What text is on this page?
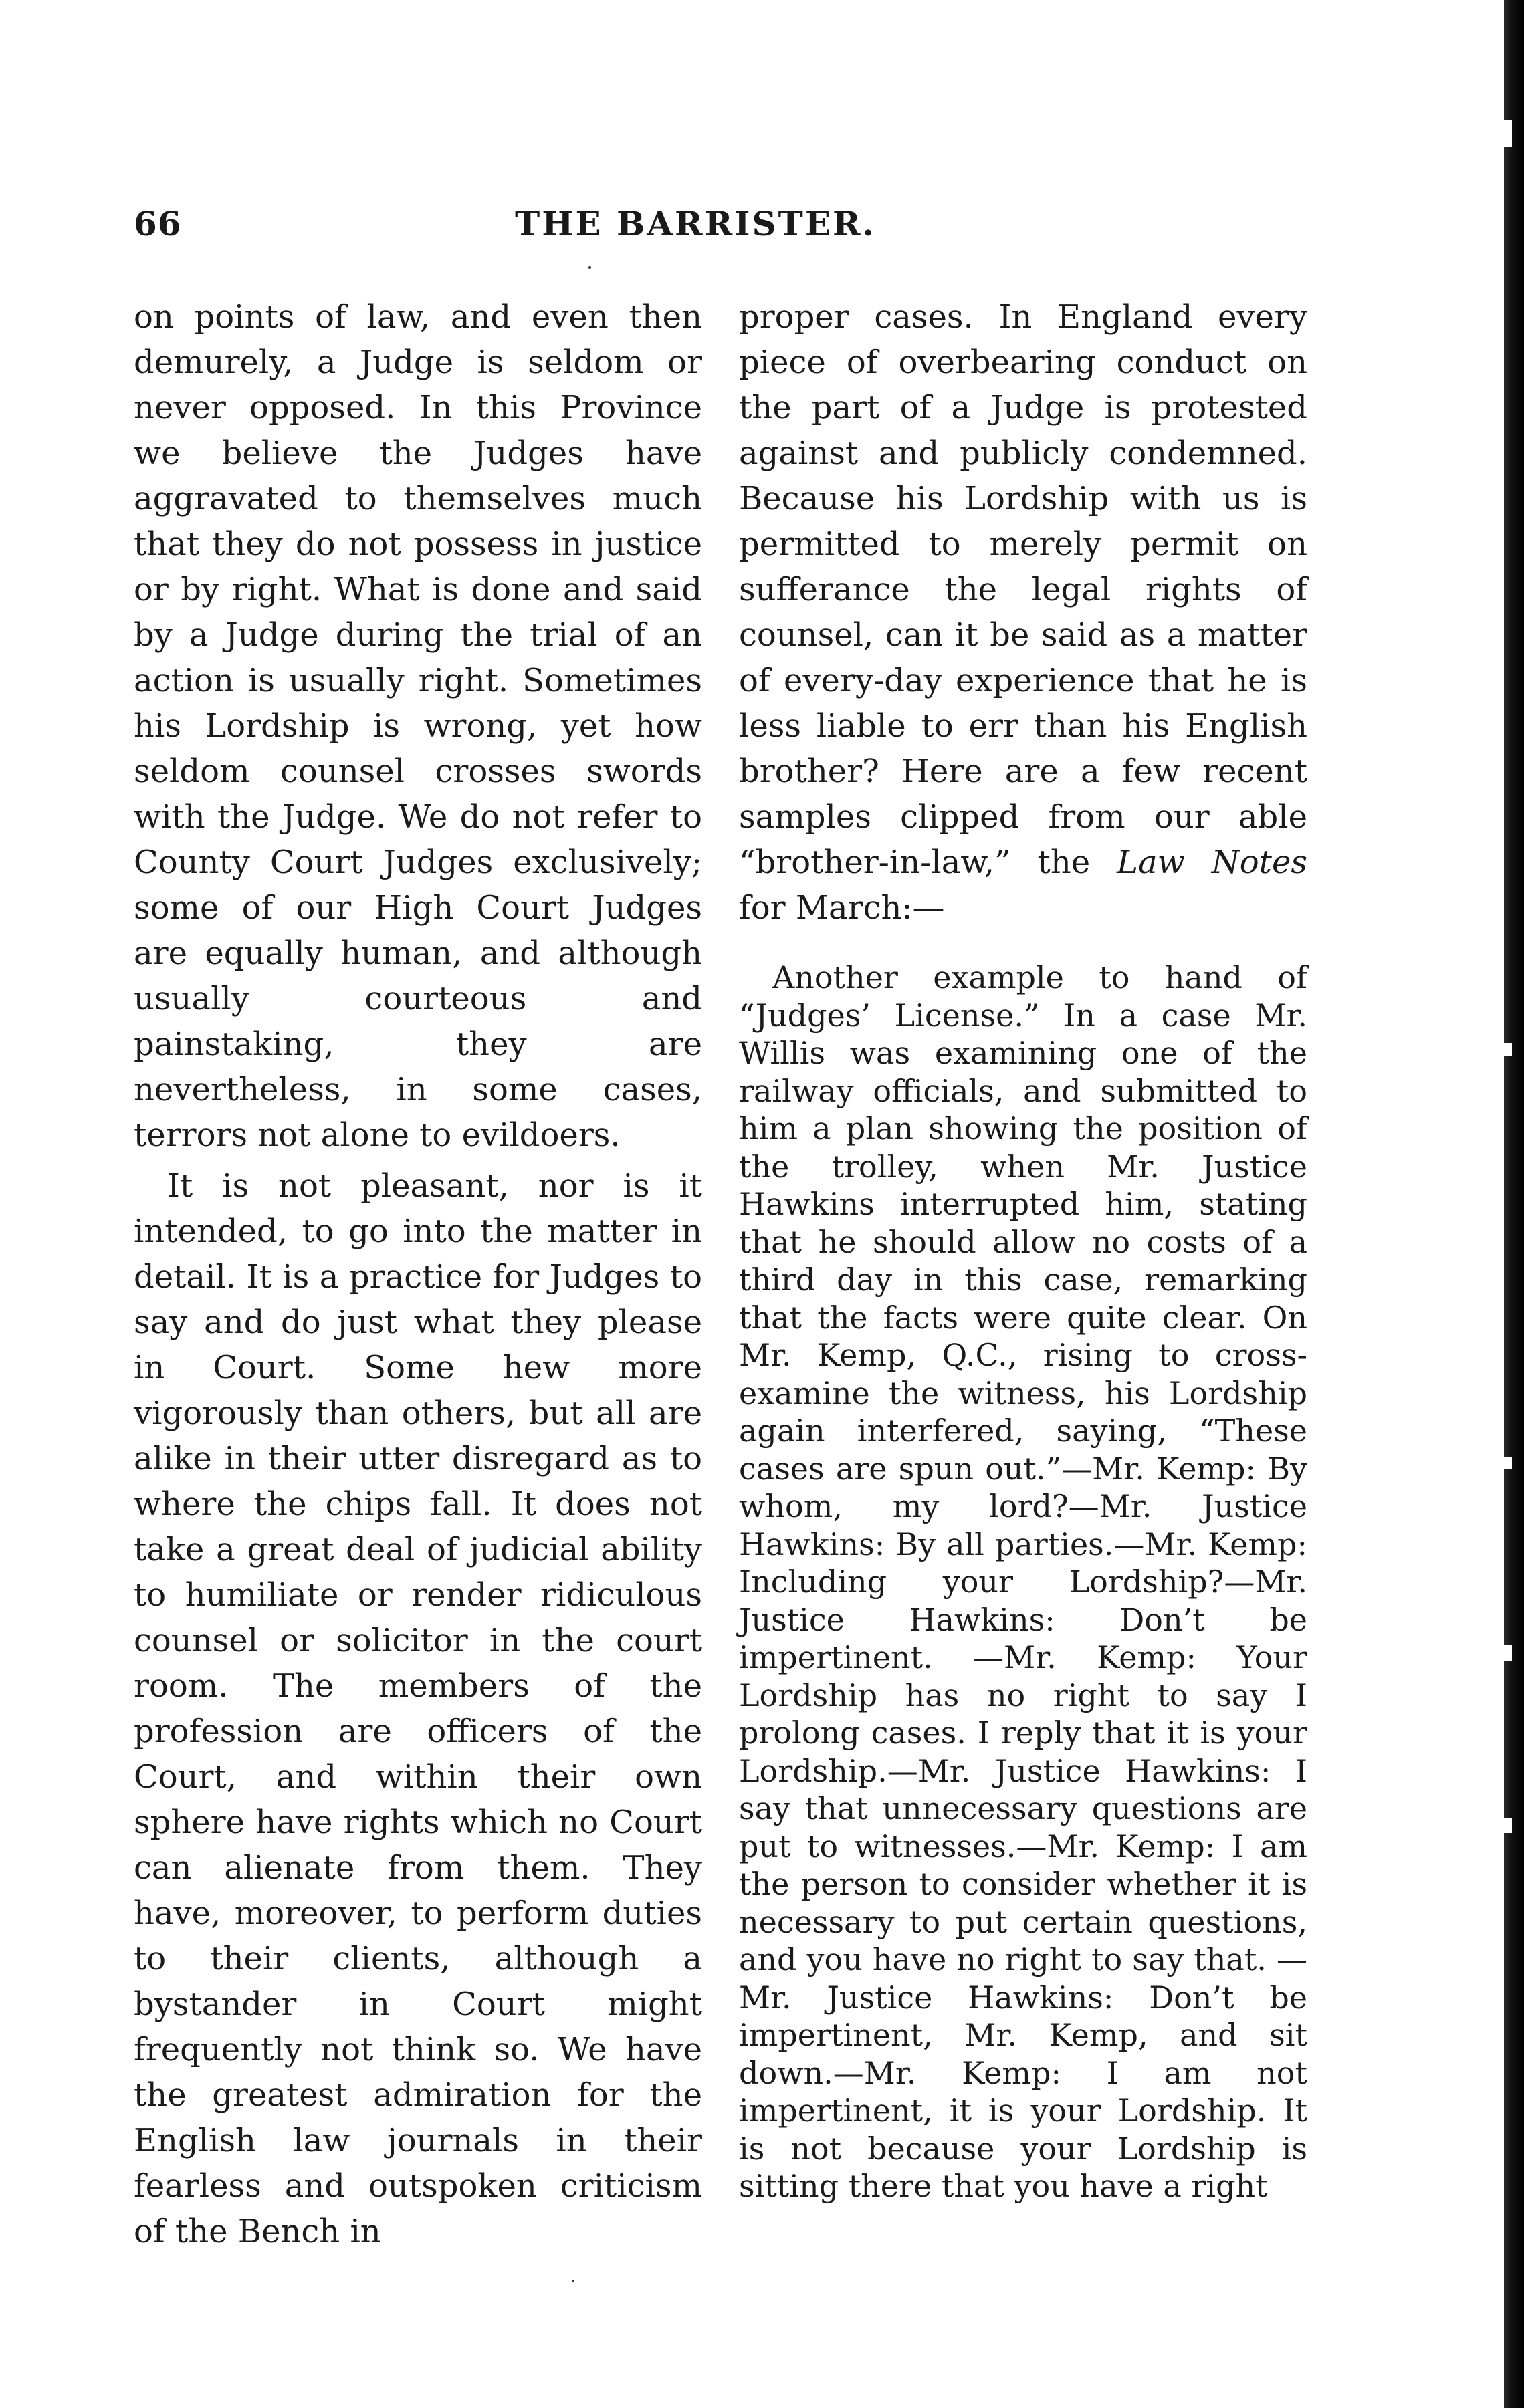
66	THE BARRISTER.

on points of law, and even then demurely, a Judge is seldom or never opposed. In this Province we believe the Judges have aggravated to themselves much that they do not possess in justice or by right. What is done and said by a Judge during the trial of an action is usually right. Sometimes his Lordship is wrong, yet how seldom counsel crosses swords with the Judge. We do not refer to County Court Judges exclusively; some of our High Court Judges are equally human, and although usually courteous and painstaking, they are nevertheless, in some cases, terrors not alone to evildoers.

It is not pleasant, nor is it intended, to go into the matter in detail. It is a practice for Judges to say and do just what they please in Court. Some hew more vigorously than others, but all are alike in their utter disregard as to where the chips fall. It does not take a great deal of judicial ability to humiliate or render ridiculous counsel or solicitor in the court room. The members of the profession are officers of the Court, and within their own sphere have rights which no Court can alienate from them. They have, moreover, to perform duties to their clients, although a bystander in Court might frequently not think so. We have the greatest admiration for the English law journals in their fearless and outspoken criticism of the Bench in

proper cases. In England every piece of overbearing conduct on the part of a Judge is protested against and publicly condemned. Because his Lordship with us is permitted to merely permit on sufferance the legal rights of counsel, can it be said as a matter of every-day experience that he is less liable to err than his English brother? Here are a few recent samples clipped from our able “brother-in-law,” the Law Notes for March:—

Another example to hand of “Judges’ License.” In a case Mr. Willis was examining one of the railway officials, and submitted to him a plan showing the position of the trolley, when Mr. Justice Hawkins interrupted him, stating that he should allow no costs of a third day in this case, remarking that the facts were quite clear. On Mr. Kemp, Q.C., rising to cross-examine the witness, his Lordship again interfered, saying, “These cases are spun out.”—Mr. Kemp: By whom, my lord?—Mr. Justice Hawkins: By all parties.—Mr. Kemp: Including your Lordship?—Mr. Justice Hawkins: Don’t be impertinent. —Mr. Kemp: Your Lordship has no right to say I prolong cases. I reply that it is your Lordship.—Mr. Justice Hawkins: I say that unnecessary questions are put to witnesses.—Mr. Kemp: I am the person to consider whether it is necessary to put certain questions, and you have no right to say that. —Mr. Justice Hawkins: Don’t be impertinent, Mr. Kemp, and sit down.—Mr. Kemp: I am not impertinent, it is your Lordship. It is not because your Lordship is sitting there that you have a right
